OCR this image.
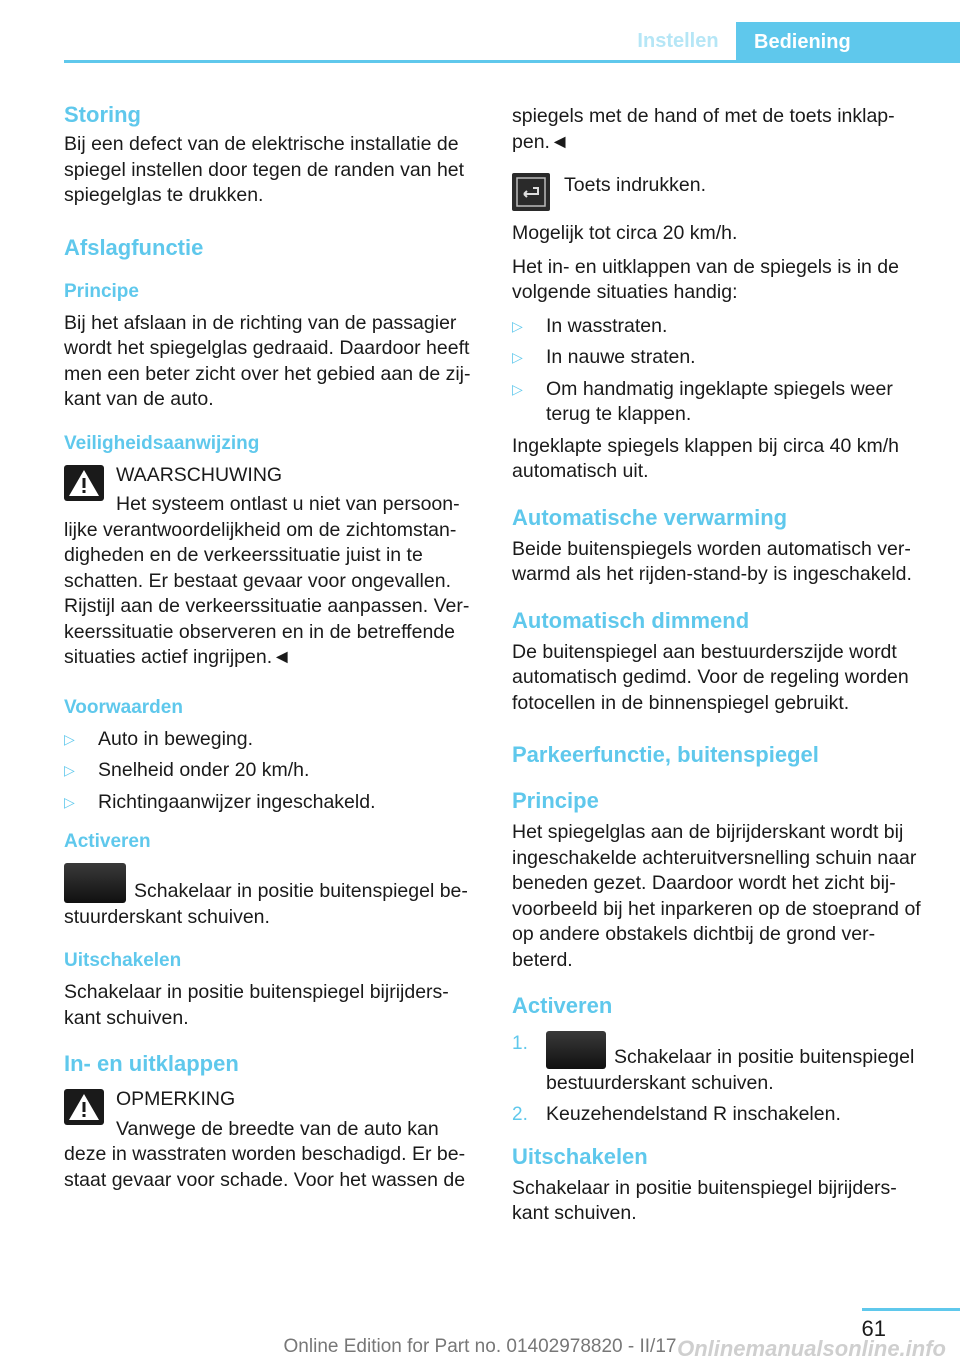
Instellen	Bediening
Storing
Bij een defect van de elektrische installatie de spiegel instellen door tegen de randen van het spiegelglas te drukken.
Afslagfunctie
Principe
Bij het afslaan in de richting van de passagier wordt het spiegelglas gedraaid. Daardoor heeft men een beter zicht over het gebied aan de zij-kant van de auto.
Veiligheidsaanwijzing
WAARSCHUWING
Het systeem ontlast u niet van persoon-
lijke verantwoordelijkheid om de zichtomstan-digheden en de verkeerssituatie juist in te schatten. Er bestaat gevaar voor ongevallen. Rijstijl aan de verkeerssituatie aanpassen. Ver-keerssituatie observeren en in de betreffende situaties actief ingrijpen.◄
Voorwaarden
▷ Auto in beweging.
▷ Snelheid onder 20 km/h.
▷ Richtingaanwijzer ingeschakeld.
Activeren
Schakelaar in positie buitenspiegel be-stuurderskant schuiven.
Uitschakelen
Schakelaar in positie buitenspiegel bijrijders-kant schuiven.
In- en uitklappen
OPMERKING
Vanwege de breedte van de auto kan
deze in wasstraten worden beschadigd. Er be-staat gevaar voor schade. Voor het wassen de
spiegels met de hand of met de toets inklap-pen.◄
Toets indrukken.
Mogelijk tot circa 20 km/h.
Het in- en uitklappen van de spiegels is in de volgende situaties handig:
▷ In wasstraten.
▷ In nauwe straten.
▷ Om handmatig ingeklapte spiegels weer terug te klappen.
Ingeklapte spiegels klappen bij circa 40 km/h automatisch uit.
Automatische verwarming
Beide buitenspiegels worden automatisch ver-warmd als het rijden-stand-by is ingeschakeld.
Automatisch dimmend
De buitenspiegel aan bestuurderszijde wordt automatisch gedimd. Voor de regeling worden fotocellen in de binnenspiegel gebruikt.
Parkeerfunctie, buitenspiegel
Principe
Het spiegelglas aan de bijrijderskant wordt bij ingeschakelde achteruitversnelling schuin naar beneden gezet. Daardoor wordt het zicht bij-voorbeeld bij het inparkeren op de stoeprand of op andere obstakels dichtbij de grond ver-beterd.
Activeren
1.
Schakelaar in positie buitenspiegel bestuurderskant schuiven.
2. Keuzehendelstand R inschakelen.
Uitschakelen
Schakelaar in positie buitenspiegel bijrijders-kant schuiven.
61
Online Edition for Part no. 01402978820 - II/17 Onlinemanualsonline.info
